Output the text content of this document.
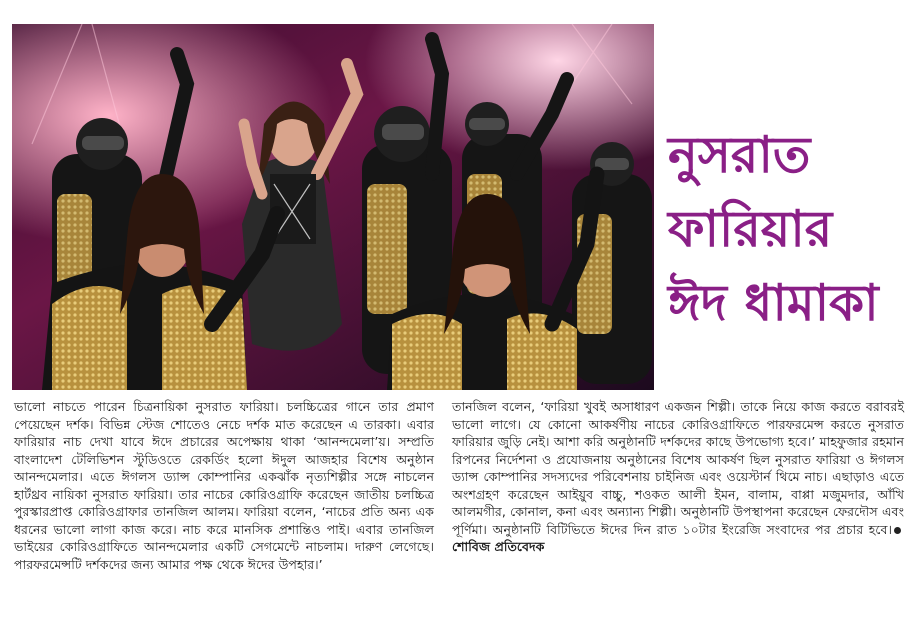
নুসরাত
ফারিয়ার
ঈদ ধামাকা

ভালো নাচতে পারেন চিত্রনায়িকা নুসরাত ফারিয়া। চলচ্চিত্রের গানে তার প্রমাণ পেয়েছেন দর্শক। বিভিন্ন স্টেজ শোতেও নেচে দর্শক মাত করেছেন এ তারকা। এবার ফারিয়ার নাচ দেখা যাবে ঈদে প্রচারের অপেক্ষায় থাকা ‘আনন্দমেলা’য়। সম্প্রতি বাংলাদেশ টেলিভিশন স্টুডিওতে রেকর্ডিং হলো ঈদুল আজহার বিশেষ অনুষ্ঠান আনন্দমেলার। এতে ঈগলস ড্যান্স কোম্পানির একঝাঁক নৃত্যশিল্পীর সঙ্গে নাচলেন হার্টথ্রব নায়িকা নুসরাত ফারিয়া। তার নাচের কোরিওগ্রাফি করেছেন জাতীয় চলচ্চিত্র পুরস্কারপ্রাপ্ত কোরিওগ্রাফার তানজিল আলম। ফারিয়া বলেন, ‘নাচের প্রতি অন্য এক ধরনের ভালো লাগা কাজ করে। নাচ করে মানসিক প্রশান্তিও পাই। এবার তানজিল ভাইয়ের কোরিওগ্রাফিতে আনন্দমেলার একটি সেগমেন্টে নাচলাম। দারুণ লেগেছে। পারফরমেন্সটি দর্শকদের জন্য আমার পক্ষ থেকে ঈদের উপহার।’

তানজিল বলেন, ‘ফারিয়া খুবই অসাধারণ একজন শিল্পী। তাকে নিয়ে কাজ করতে বরাবরই ভালো লাগে। যে কোনো আকর্ষণীয় নাচের কোরিওগ্রাফিতে পারফরমেন্স করতে নুসরাত ফারিয়ার জুড়ি নেই। আশা করি অনুষ্ঠানটি দর্শকদের কাছে উপভোগ্য হবে।’ মাহফুজার রহমান রিপনের নির্দেশনা ও প্রযোজনায় অনুষ্ঠানের বিশেষ আকর্ষণ ছিল নুসরাত ফারিয়া ও ঈগলস ড্যান্স কোম্পানির সদস্যদের পরিবেশনায় চাইনিজ এবং ওয়েস্টার্ন থিমে নাচ। এছাড়াও এতে অংশগ্রহণ করেছেন আইয়ুব বাচ্চু, শওকত আলী ইমন, বালাম, বাপ্পা মজুমদার, আঁখি আলমগীর, কোনাল, কনা এবং অন্যান্য শিল্পী। অনুষ্ঠানটি উপস্থাপনা করেছেন ফেরদৌস এবং পূর্ণিমা। অনুষ্ঠানটি বিটিভিতে ঈদের দিন রাত ১০টার ইংরেজি সংবাদের পর প্রচার হবে।শোবিজ প্রতিবেদক
